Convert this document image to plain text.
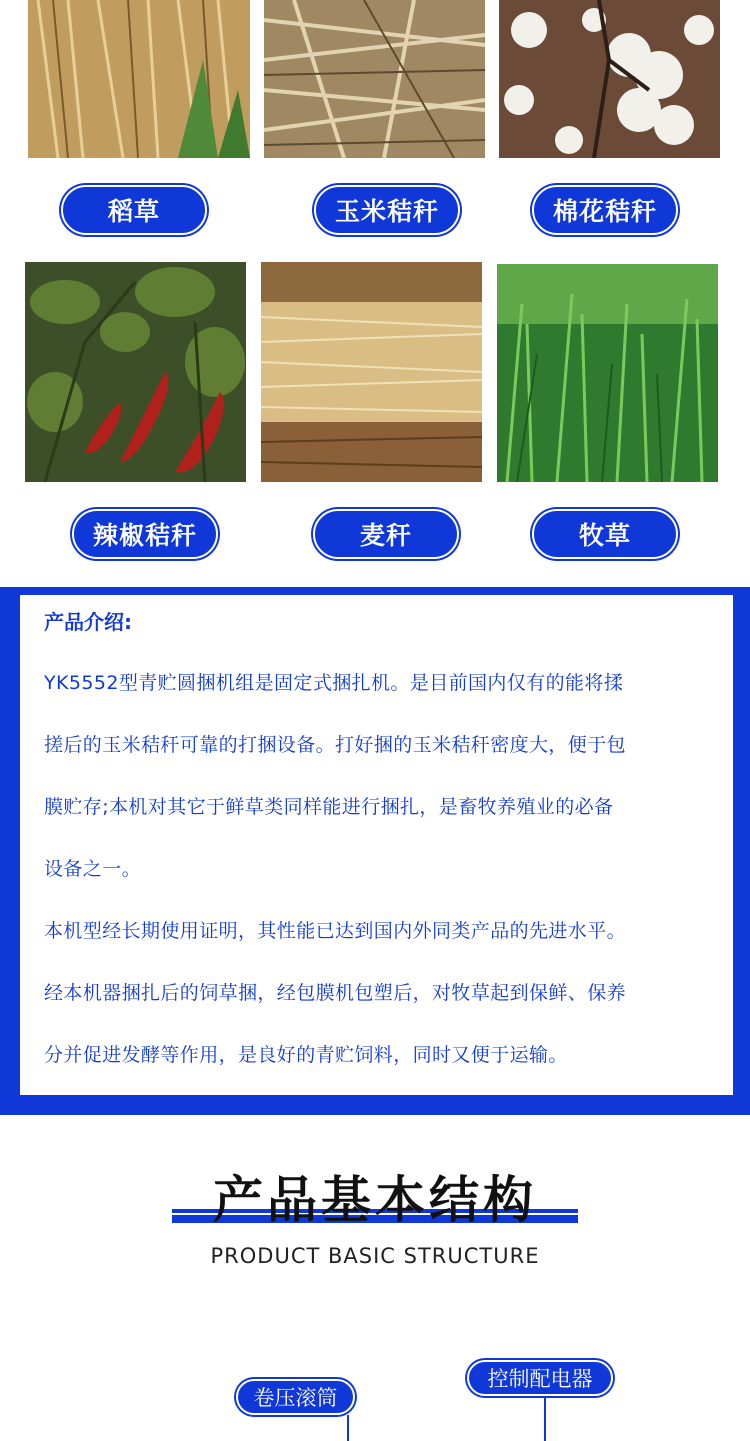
稻草	玉米秸秆	棉花秸秆
辣椒秸秆	麦秆	牧草
产品介绍:
YK5552型青贮圆捆机组是固定式捆扎机。是目前国内仅有的能将揉
搓后的玉米秸秆可靠的打捆设备。打好捆的玉米秸秆密度大，便于包
膜贮存;本机对其它于鲜草类同样能进行捆扎，是畜牧养殖业的必备
设备之一。
本机型经长期使用证明，其性能已达到国内外同类产品的先进水平。
经本机器捆扎后的饲草捆，经包膜机包塑后，对牧草起到保鲜、保养
分并促进发酵等作用，是良好的青贮饲料，同时又便于运输。
产品基本结构
PRODUCT BASIC STRUCTURE
卷压滚筒
控制配电器
